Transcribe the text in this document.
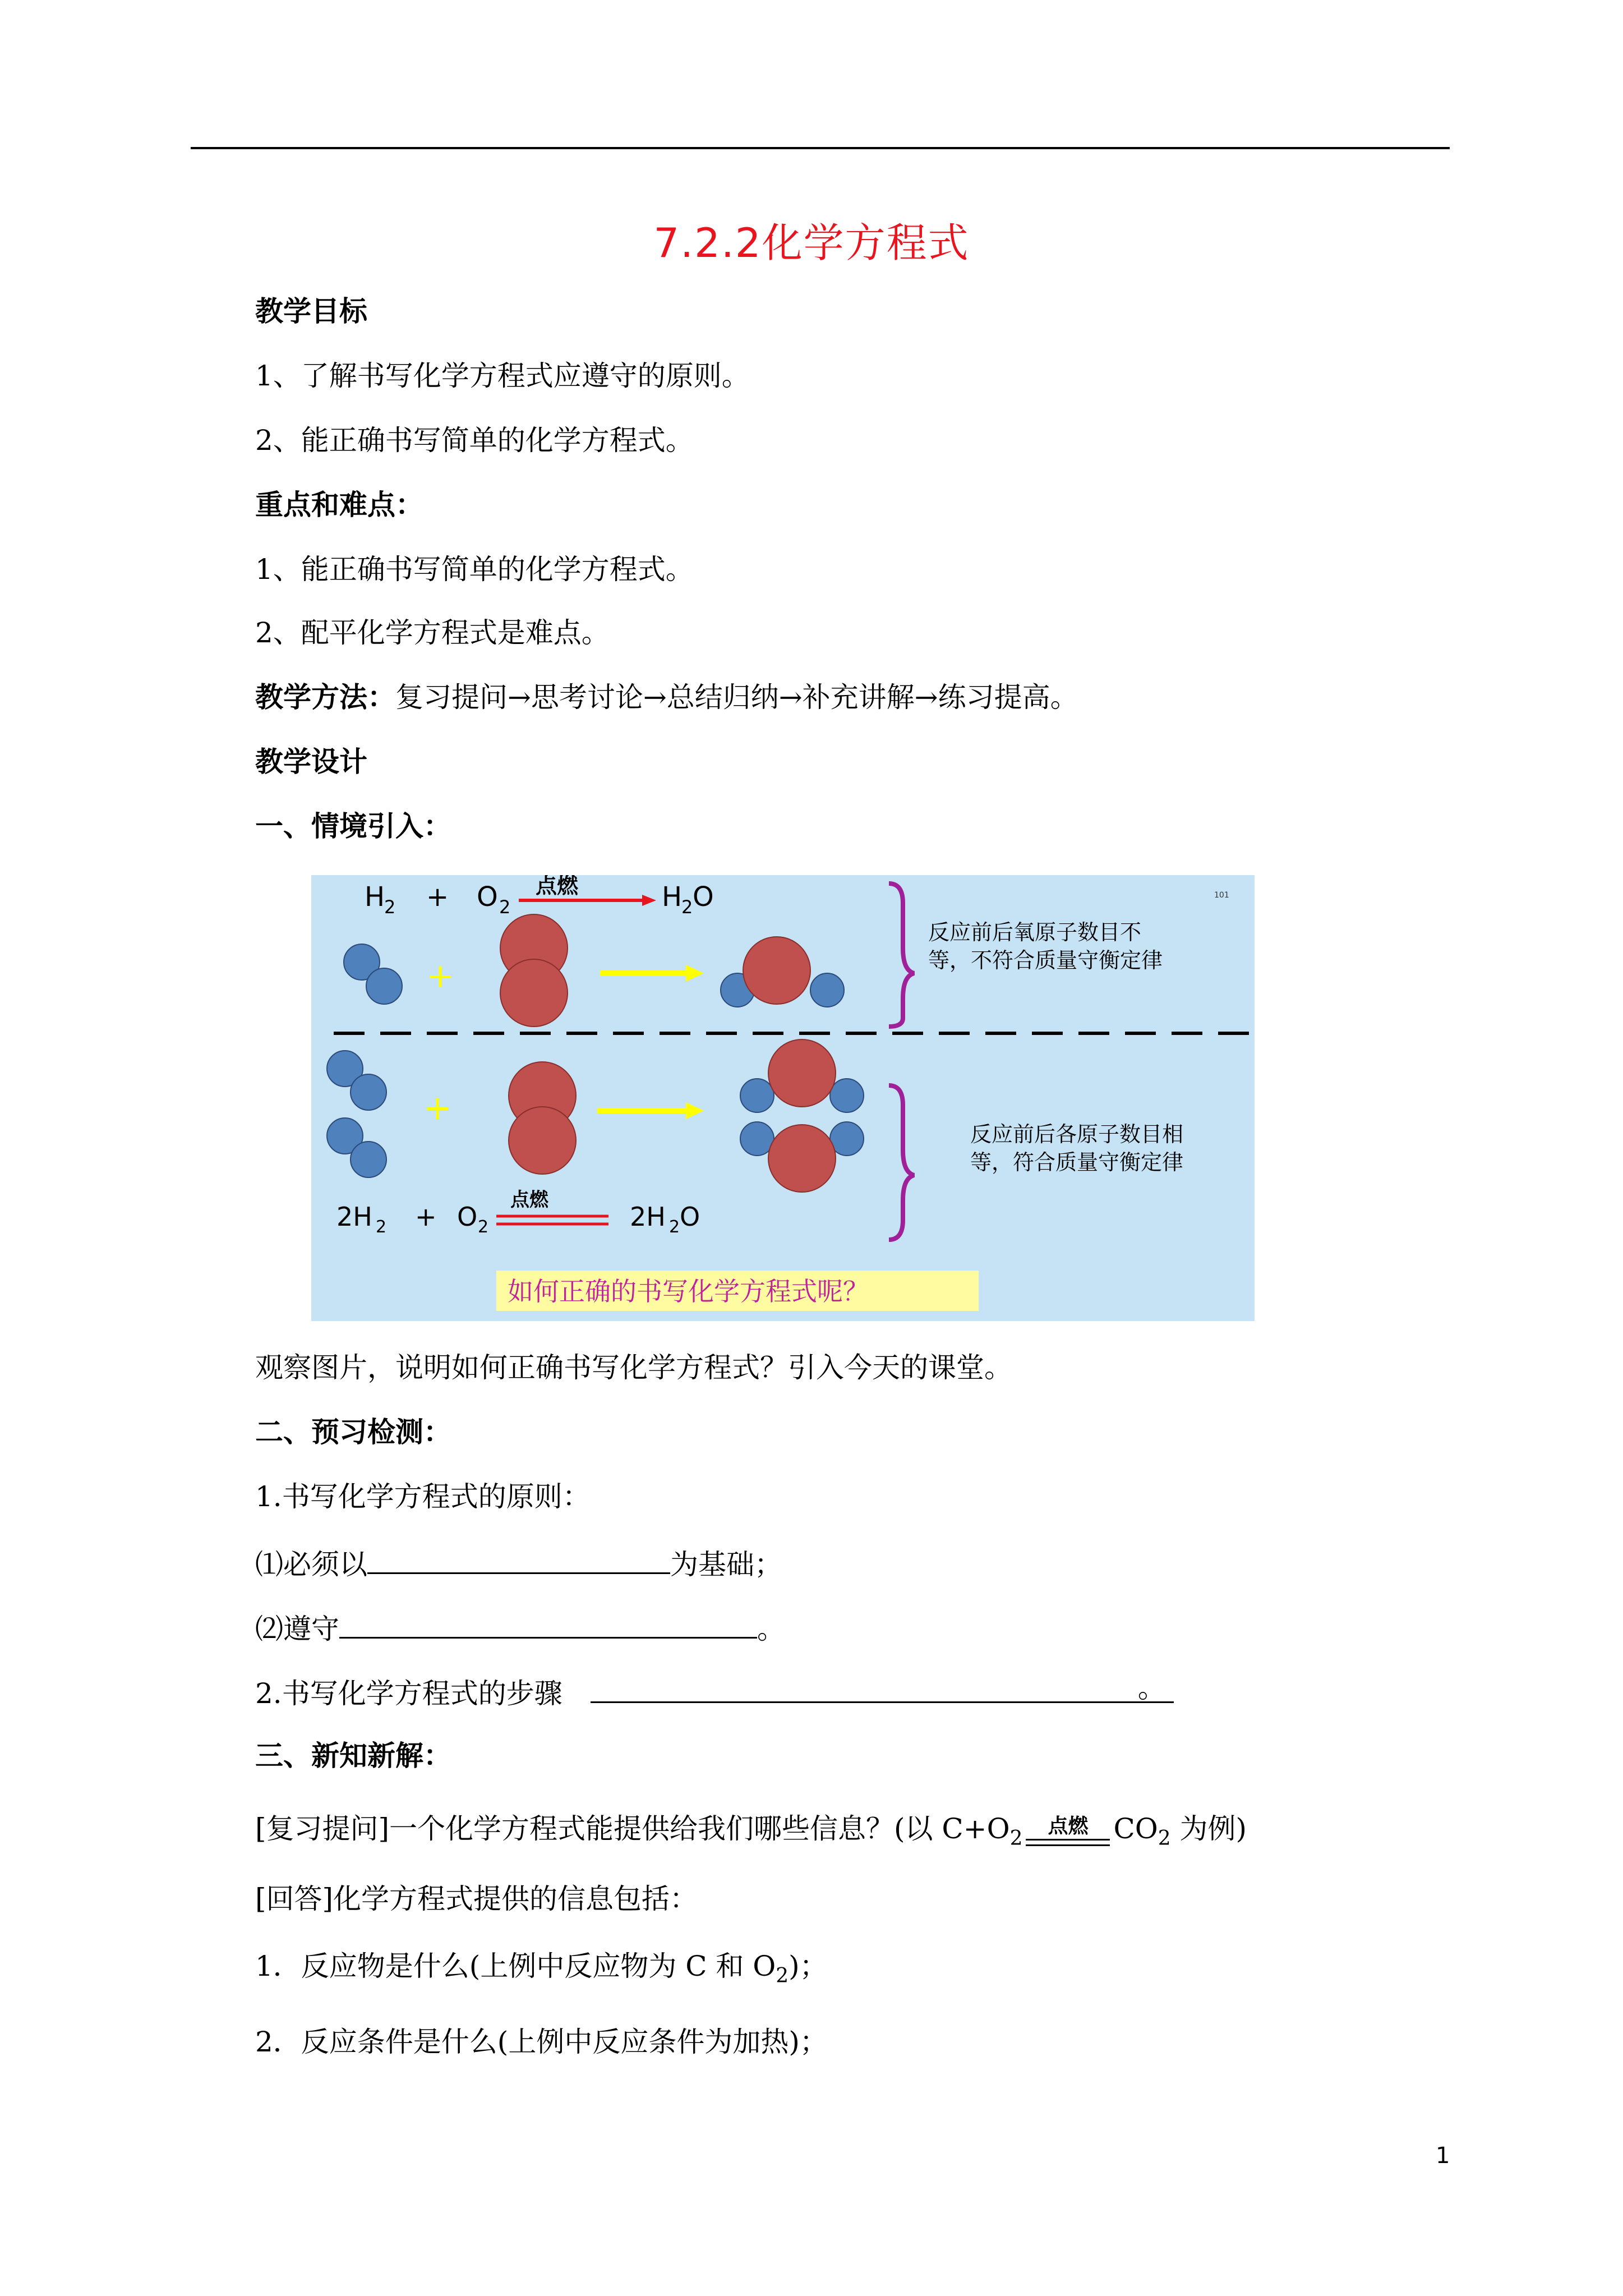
7.2.2化学方程式
教学目标
1、了解书写化学方程式应遵守的原则。
2、能正确书写简单的化学方程式。
重点和难点：
1、能正确书写简单的化学方程式。
2、配平化学方程式是难点。
教学方法：复习提问→思考讨论→总结归纳→补充讲解→练习提高。
教学设计
一、情境引入：
H
2 + O 2	H
2 O
点燃	101
+
反应前后氧原子数目不
等，不符合质量守衡定律
+
反应前后各原子数目相
等，符合质量守衡定律
2H 2 + O 2	2H 2 O
点燃
如何正确的书写化学方程式呢？
观察图片，说明如何正确书写化学方程式？引入今天的课堂。
二、预习检测：
1.书写化学方程式的原则：
⑴必须以	为基础；
⑵遵守	。
2.书写化学方程式的步骤 	。
三、新知新解：
[复习提问]一个化学方程式能提供给我们哪些信息？(以 $C+O_2$
点燃 $CO_2$ 为例)
[回答]化学方程式提供的信息包括：
1．反应物是什么(上例中反应物为 C 和 $O_2$)；
2．反应条件是什么(上例中反应条件为加热)；
1
